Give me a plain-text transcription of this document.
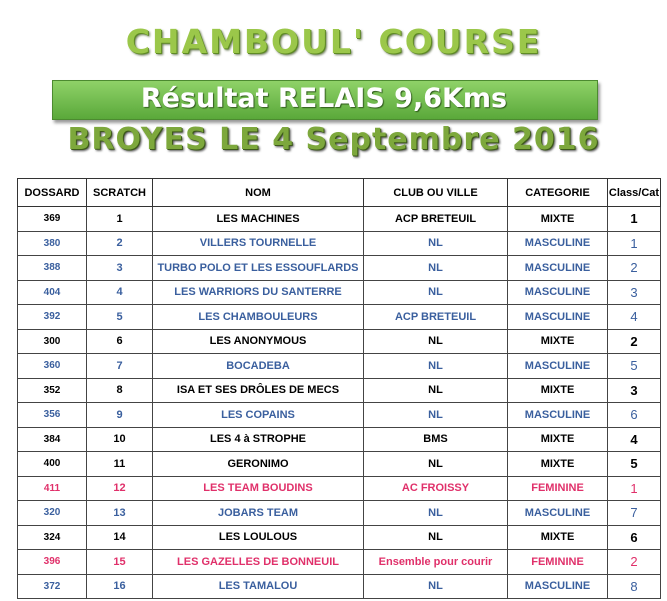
CHAMBOUL' COURSE
Résultat RELAIS 9,6Kms
BROYES LE 4 Septembre 2016
DOSSARD	SCRATCH	NOM	CLUB OU VILLE	CATEGORIE	Class/Cat
369	1	LES MACHINES	ACP BRETEUIL	MIXTE	1
380	2	VILLERS TOURNELLE	NL	MASCULINE	1
388	3	TURBO POLO ET LES ESSOUFLARDS	NL	MASCULINE	2
404	4	LES WARRIORS DU SANTERRE	NL	MASCULINE	3
392	5	LES CHAMBOULEURS	ACP BRETEUIL	MASCULINE	4
300	6	LES ANONYMOUS	NL	MIXTE	2
360	7	BOCADEBA	NL	MASCULINE	5
352	8	ISA ET SES DRÔLES DE MECS	NL	MIXTE	3
356	9	LES COPAINS	NL	MASCULINE	6
384	10	LES 4 à STROPHE	BMS	MIXTE	4
400	11	GERONIMO	NL	MIXTE	5
411	12	LES TEAM BOUDINS	AC FROISSY	FEMININE	1
320	13	JOBARS TEAM	NL	MASCULINE	7
324	14	LES LOULOUS	NL	MIXTE	6
396	15	LES GAZELLES DE BONNEUIL	Ensemble pour courir	FEMININE	2
372	16	LES TAMALOU	NL	MASCULINE	8
